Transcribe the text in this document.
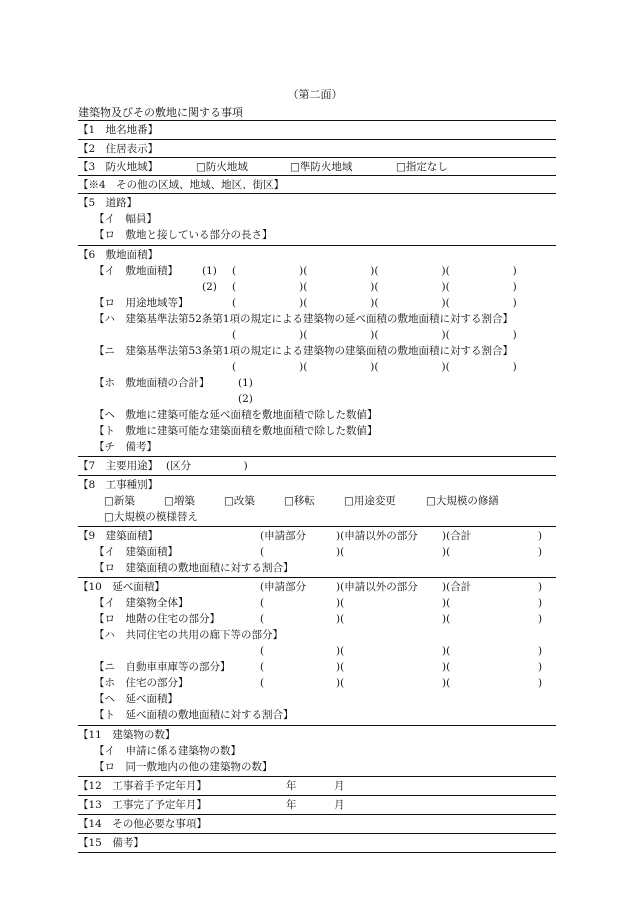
（第二面）
建築物及びその敷地に関する事項
【1　地名地番】
【2　住居表示】
【3　防火地域】	□防火地域	□準防火地域	□指定なし
【※4　その他の区域、地域、地区、街区】
【5　道路】
【イ　幅員】
【ロ　敷地と接している部分の長さ】
【6　敷地面積】
【イ　敷地面積】 (1) (　　　　　　)(　　　　　　)(　　　　　　)(　　　　　　)
(2) (　　　　　　)(　　　　　　)(　　　　　　)(　　　　　　)
【ロ　用途地域等】	(　　　　　　)(　　　　　　)(　　　　　　)(　　　　　　)
【ハ　建築基準法第52条第1項の規定による建築物の延べ面積の敷地面積に対する割合】
(　　　　　　)(　　　　　　)(　　　　　　)(　　　　　　)
【ニ　建築基準法第53条第1項の規定による建築物の建築面積の敷地面積に対する割合】
(　　　　　　)(　　　　　　)(　　　　　　)(　　　　　　)
【ホ　敷地面積の合計】	(1)
(2)
【ヘ　敷地に建築可能な延べ面積を敷地面積で除した数値】
【ト　敷地に建築可能な建築面積を敷地面積で除した数値】
【チ　備考】
【7　主要用途】 (区分　　　　　)
【8　工事種別】
□新築	□増築	□改築	□移転	□用途変更	□大規模の修繕
□大規模の模様替え
【9　建築面積】	(申請部分	)(申請以外の部分 )(合計	)
【イ　建築面積】	(	)(	)(	)
【ロ　建築面積の敷地面積に対する割合】
【10　延べ面積】	(申請部分	)(申請以外の部分 )(合計	)
【イ　建築物全体】	(	)(	)(	)
【ロ　地階の住宅の部分】	(	)(	)(	)
【ハ　共同住宅の共用の廊下等の部分】
(	)(	)(	)
【ニ　自動車車庫等の部分】	(	)(	)(	)
【ホ　住宅の部分】	(	)(	)(	)
【ヘ　延べ面積】
【ト　延べ面積の敷地面積に対する割合】
【11　建築物の数】
【イ　申請に係る建築物の数】
【ロ　同一敷地内の他の建築物の数】
【12　工事着手予定年月】	年	月
【13　工事完了予定年月】	年	月
【14　その他必要な事項】
【15　備考】
